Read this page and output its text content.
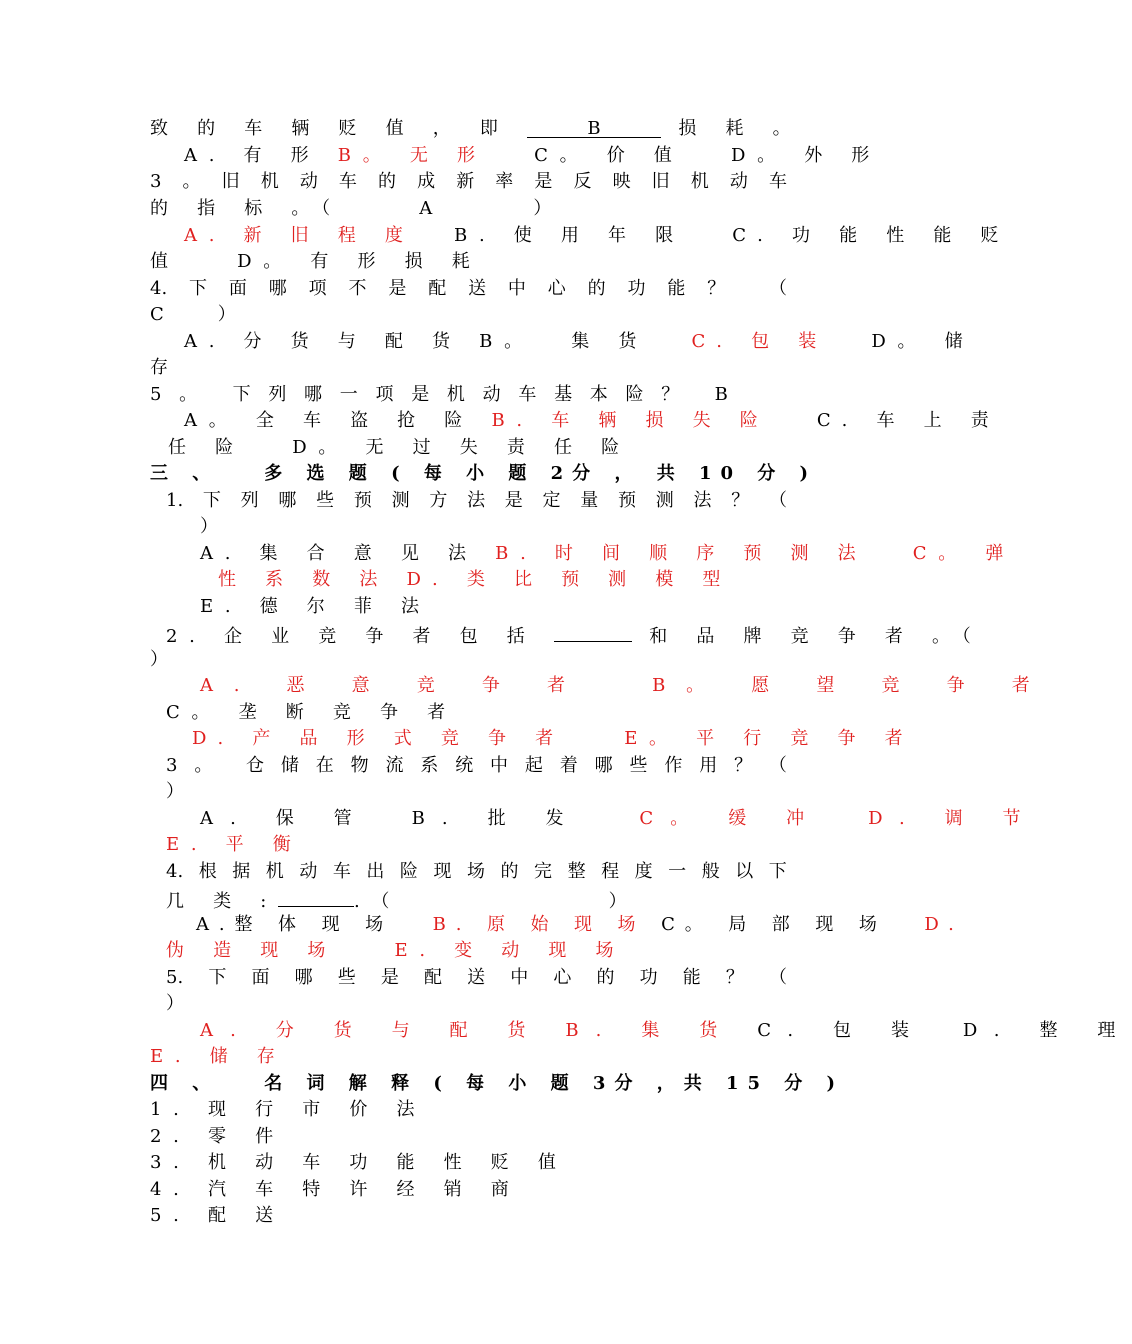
致 的 车 辆 贬 值 ， 即	B	损 耗 。
A. 有 形 B。 无 形	C。 价 值	D。 外 形
3 。 旧 机 动 车 的 成 新 率 是 反 映 旧 机 动 车
的 指 标 。（	A	）
A. 新 旧 程 度 B. 使 用 年 限	C. 功 能 性 能 贬
值	D。 有 形 损 耗
4. 下 面 哪 项 不 是 配 送 中 心 的 功 能 ？ （
C　　　）
A. 分 货 与 配 货 B。 集 货 C. 包 装 D。 储
存
5 。 下 列 哪 一 项 是 机 动 车 基 本 险 ？ B
A。 全 车 盗 抢 险 B. 车 辆 损 失 险	C. 车 上 责
任 险	D。 无 过 失 责 任 险
三 、　　多 选 题 ( 每 小 题 2分 ， 共 10 分 )
1. 下 列 哪 些 预 测 方 法 是 定 量 预 测 法 ？ （
）
A. 集 合 意 见 法 B. 时 间 顺 序 预 测 法	C。 弹
性 系 数 法 D. 类 比 预 测 模 型
E. 德 尔 菲 法
2. 企 业 竞 争 者 包 括	和 品 牌 竞 争 者 。（
）
A. 恶 意 竞 争 者	B。 愿 望 竞 争 者
C。 垄 断 竞 争 者
D. 产 品 形 式 竞 争 者	E。 平 行 竞 争 者
3 。 仓 储 在 物 流 系 统 中 起 着 哪 些 作 用 ？ （
）
A. 保 管 B. 批 发	C。 缓 冲	D. 调 节
E. 平 衡
4. 根 据 机 动 车 出 险 现 场 的 完 整 程 度 一 般 以 下
几 类 :	.（	）
A.整 体 现 场 B. 原 始 现 场 C。 局 部 现 场 D.
伪 造 现 场	E. 变 动 现 场
5. 下 面 哪 些 是 配 送 中 心 的 功 能 ？ （
）
A. 分 货 与 配 货 B. 集 货 C. 包 装 D. 整 理
E. 储 存
四 、　　名 词 解 释 ( 每 小 题 3分 ，共 15 分 )
1. 现 行 市 价 法
2. 零 件
3. 机 动 车 功 能 性 贬 值
4. 汽 车 特 许 经 销 商
5. 配 送
